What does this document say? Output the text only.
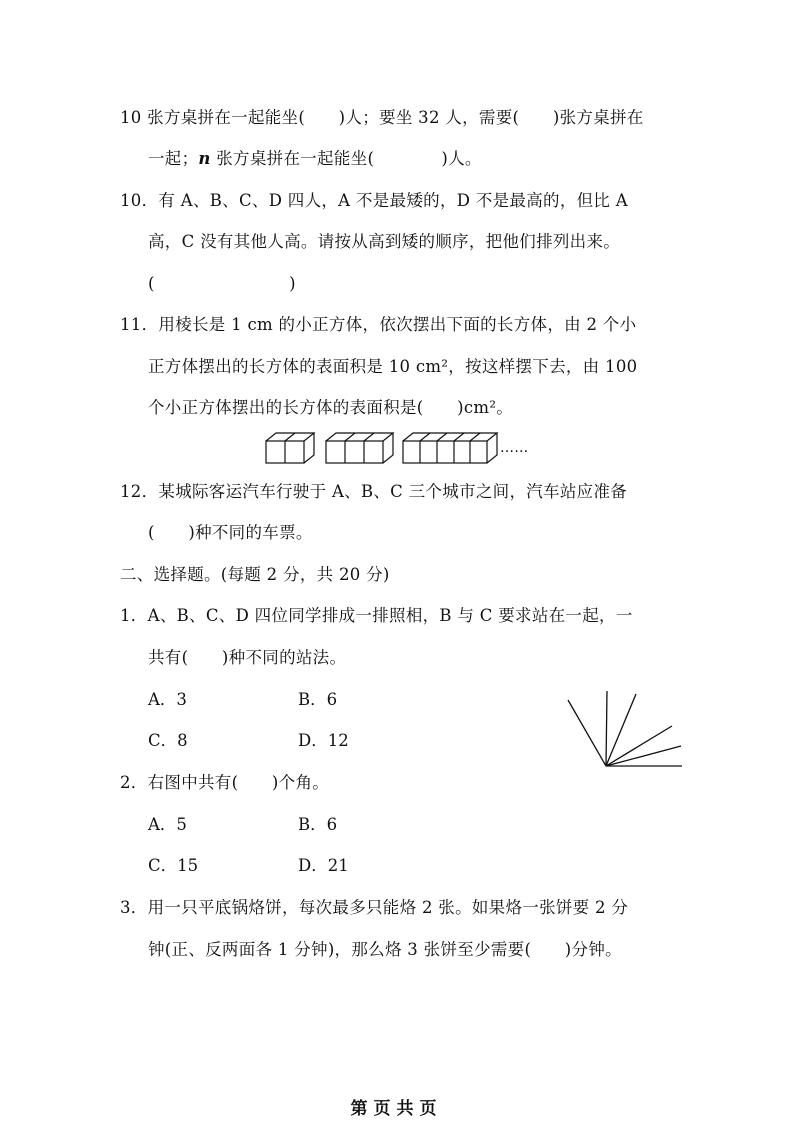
10 张方桌拼在一起能坐(　　)人；要坐 32 人，需要(　　)张方桌拼在
一起；n 张方桌拼在一起能坐(　　　　)人。
10．有 A、B、C、D 四人，A 不是最矮的，D 不是最高的，但比 A
高，C 没有其他人高。请按从高到矮的顺序，把他们排列出来。
(　　　　　　　　)
11．用棱长是 1 cm 的小正方体，依次摆出下面的长方体，由 2 个小
正方体摆出的长方体的表面积是 10 cm²，按这样摆下去，由 100
个小正方体摆出的长方体的表面积是(　　)cm²。
……
12．某城际客运汽车行驶于 A、B、C 三个城市之间，汽车站应准备
(　　)种不同的车票。
二、选择题。(每题 2 分，共 20 分)
1．A、B、C、D 四位同学排成一排照相，B 与 C 要求站在一起，一
共有(　　)种不同的站法。
A．3	B．6
C．8	D．12
2．右图中共有(　　)个角。
A．5	B．6
C．15	D．21
3．用一只平底锅烙饼，每次最多只能烙 2 张。如果烙一张饼要 2 分
钟(正、反两面各 1 分钟)，那么烙 3 张饼至少需要(　　)分钟。
第页共页
